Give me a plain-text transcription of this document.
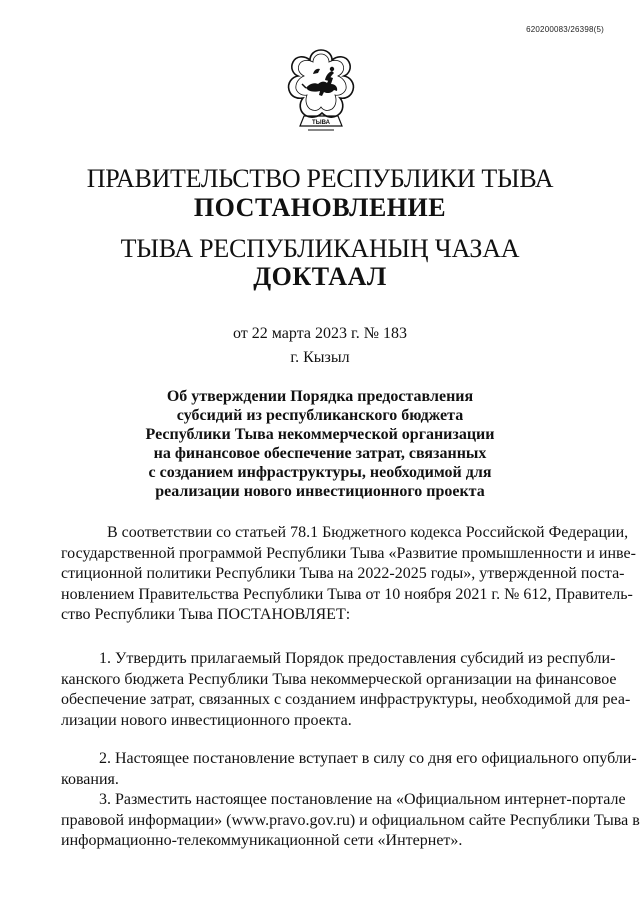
620200083/26398(5)
ТЫВА
ПРАВИТЕЛЬСТВО РЕСПУБЛИКИ ТЫВА
ПОСТАНОВЛЕНИЕ
ТЫВА РЕСПУБЛИКАНЫҢ ЧАЗАА
ДОКТААЛ
от 22 марта 2023 г. № 183
г. Кызыл
Об утверждении Порядка предоставления
субсидий из республиканского бюджета
Республики Тыва некоммерческой организации
на финансовое обеспечение затрат, связанных
с созданием инфраструктуры, необходимой для
реализации нового инвестиционного проекта
В соответствии со статьей 78.1 Бюджетного кодекса Российской Федерации,
государственной программой Республики Тыва «Развитие промышленности и инве-
стиционной политики Республики Тыва на 2022-2025 годы», утвержденной поста-
новлением Правительства Республики Тыва от 10 ноября 2021 г. № 612, Правитель-
ство Республики Тыва ПОСТАНОВЛЯЕТ:
1. Утвердить прилагаемый Порядок предоставления субсидий из республи-
канского бюджета Республики Тыва некоммерческой организации на финансовое
обеспечение затрат, связанных с созданием инфраструктуры, необходимой для реа-
лизации нового инвестиционного проекта.
2. Настоящее постановление вступает в силу со дня его официального опубли-
кования.
3. Разместить настоящее постановление на «Официальном интернет-портале
правовой информации» (www.pravo.gov.ru) и официальном сайте Республики Тыва в
информационно-телекоммуникационной сети «Интернет».
